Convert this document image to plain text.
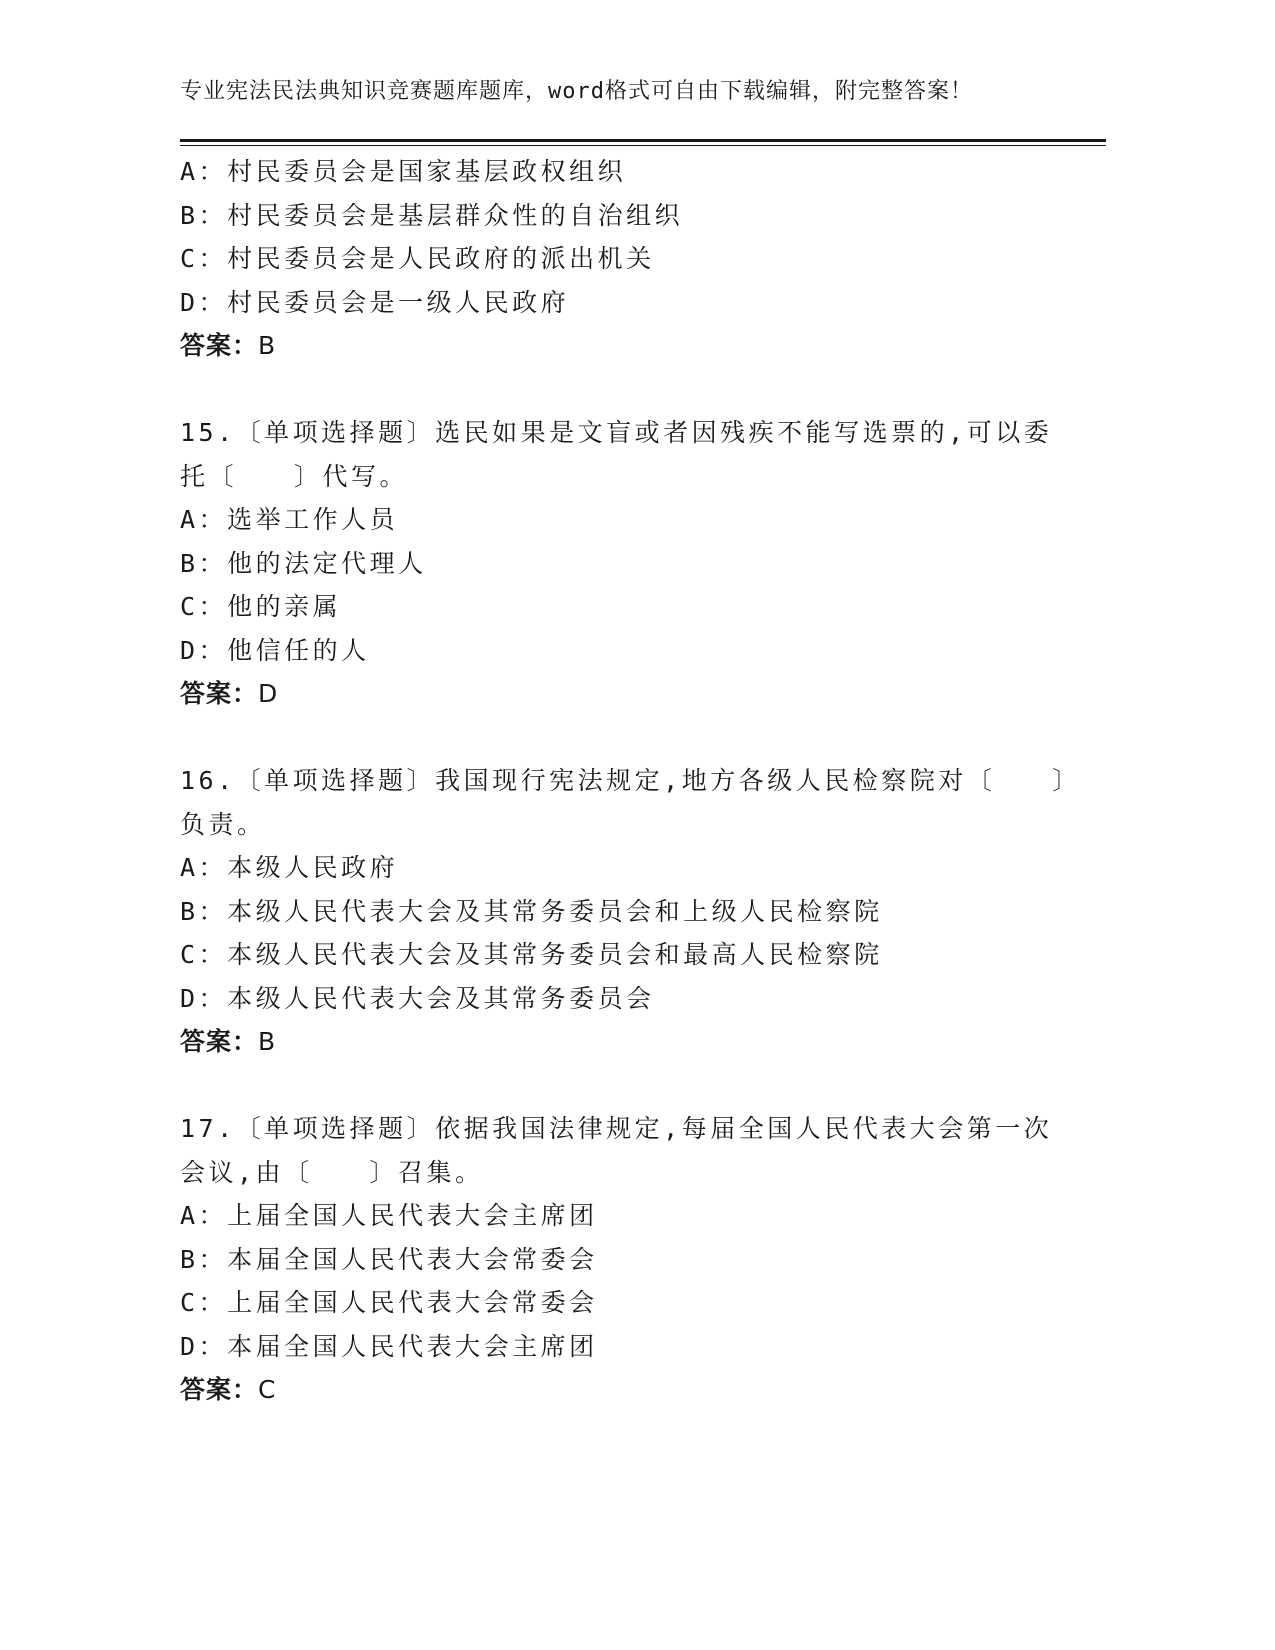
专业宪法民法典知识竞赛题库题库，word格式可自由下载编辑，附完整答案！
A：村民委员会是国家基层政权组织
B：村民委员会是基层群众性的自治组织
C：村民委员会是人民政府的派出机关
D：村民委员会是一级人民政府
答案：B
15.〔单项选择题〕选民如果是文盲或者因残疾不能写选票的,可以委
托〔　　〕代写。
A：选举工作人员
B：他的法定代理人
C：他的亲属
D：他信任的人
答案：D
16.〔单项选择题〕我国现行宪法规定,地方各级人民检察院对〔　　〕
负责。
A：本级人民政府
B：本级人民代表大会及其常务委员会和上级人民检察院
C：本级人民代表大会及其常务委员会和最高人民检察院
D：本级人民代表大会及其常务委员会
答案：B
17.〔单项选择题〕依据我国法律规定,每届全国人民代表大会第一次
会议,由〔　　〕召集。
A：上届全国人民代表大会主席团
B：本届全国人民代表大会常委会
C：上届全国人民代表大会常委会
D：本届全国人民代表大会主席团
答案：C
